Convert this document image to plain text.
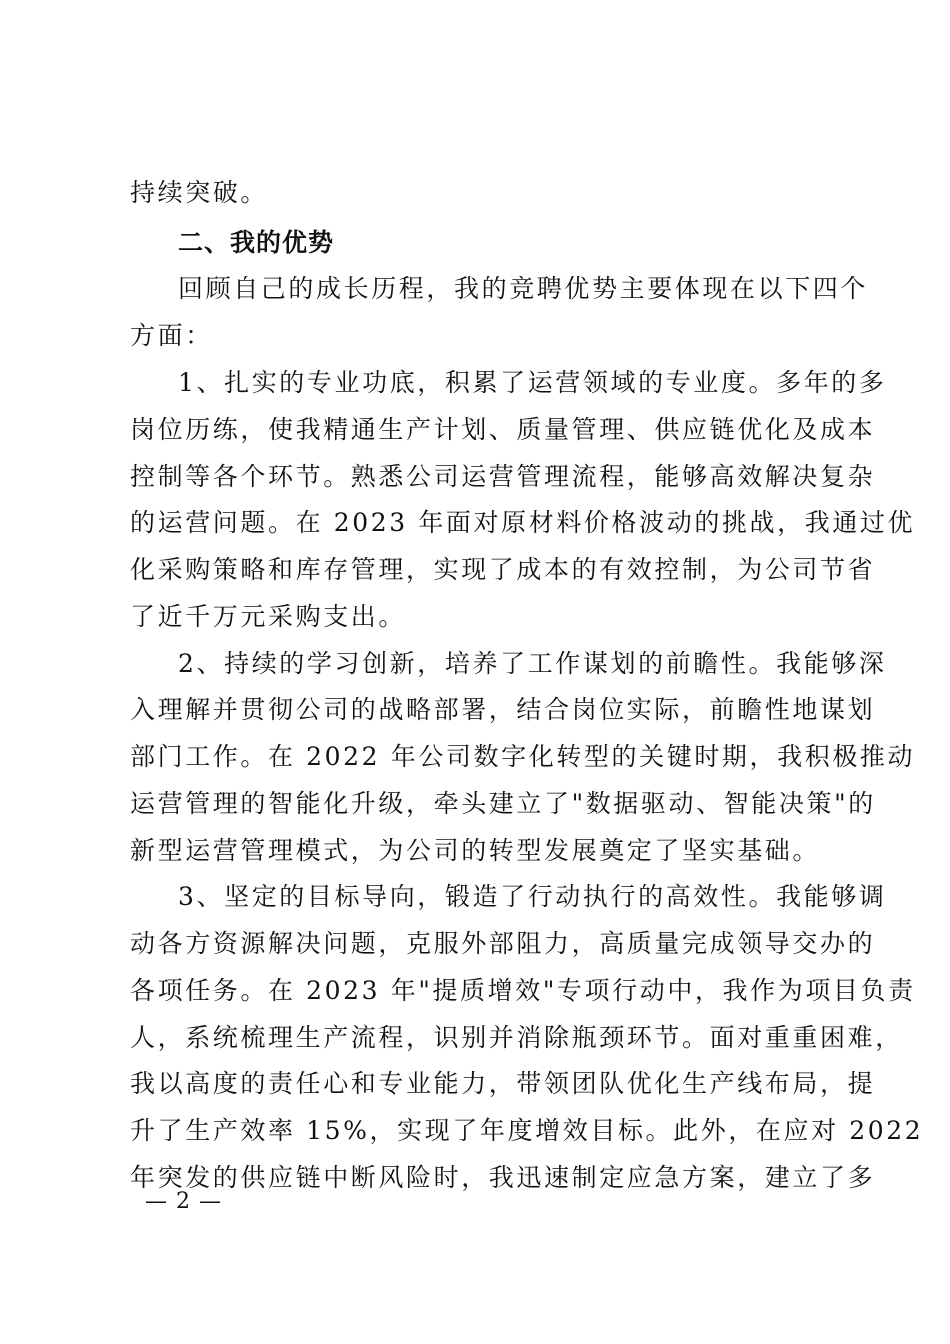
持续突破。
二、我的优势
回顾自己的成长历程，我的竞聘优势主要体现在以下四个
方面：
1、扎实的专业功底，积累了运营领域的专业度。多年的多
岗位历练，使我精通生产计划、质量管理、供应链优化及成本
控制等各个环节。熟悉公司运营管理流程，能够高效解决复杂
的运营问题。在 2023 年面对原材料价格波动的挑战，我通过优
化采购策略和库存管理，实现了成本的有效控制，为公司节省
了近千万元采购支出。
2、持续的学习创新，培养了工作谋划的前瞻性。我能够深
入理解并贯彻公司的战略部署，结合岗位实际，前瞻性地谋划
部门工作。在 2022 年公司数字化转型的关键时期，我积极推动
运营管理的智能化升级，牵头建立了"数据驱动、智能决策"的
新型运营管理模式，为公司的转型发展奠定了坚实基础。
3、坚定的目标导向，锻造了行动执行的高效性。我能够调
动各方资源解决问题，克服外部阻力，高质量完成领导交办的
各项任务。在 2023 年"提质增效"专项行动中，我作为项目负责
人，系统梳理生产流程，识别并消除瓶颈环节。面对重重困难，
我以高度的责任心和专业能力，带领团队优化生产线布局，提
升了生产效率 15%，实现了年度增效目标。此外，在应对 2022
年突发的供应链中断风险时，我迅速制定应急方案，建立了多
— 2 —
